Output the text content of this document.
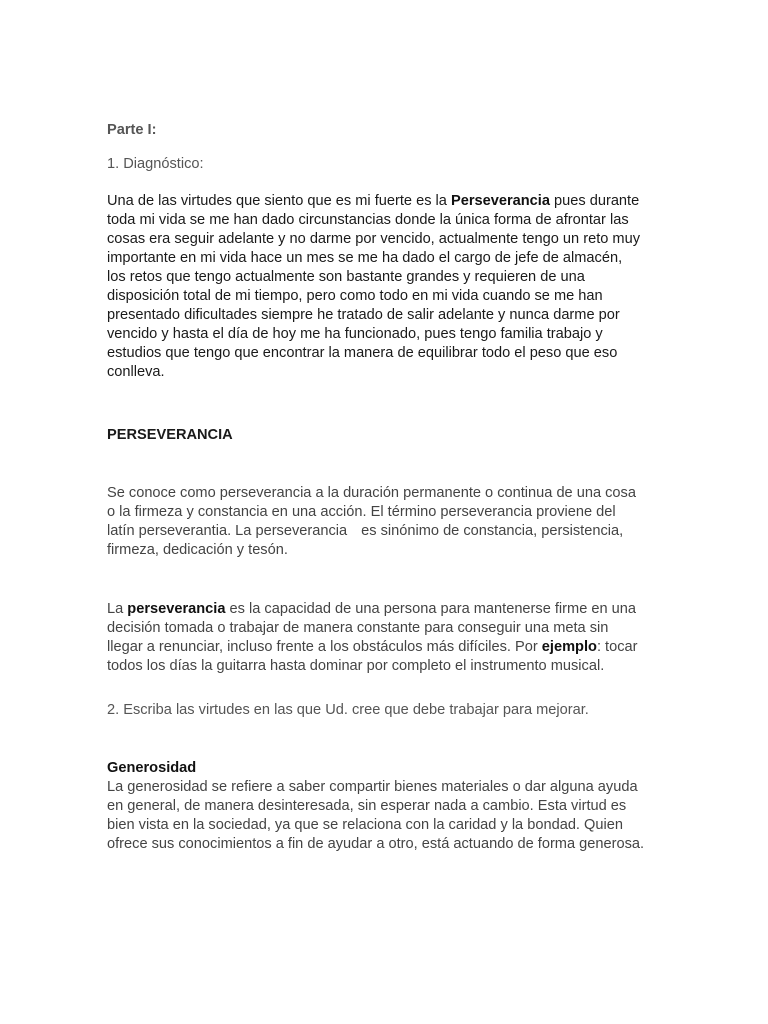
Parte I:

1. Diagnóstico:

Una de las virtudes que siento que es mi fuerte es la Perseverancia pues durante
toda mi vida se me han dado circunstancias donde la única forma de afrontar las
cosas era seguir adelante y no darme por vencido, actualmente tengo un reto muy
importante en mi vida hace un mes se me ha dado el cargo de jefe de almacén,
los retos que tengo actualmente son bastante grandes y requieren de una
disposición total de mi tiempo, pero como todo en mi vida cuando se me han
presentado dificultades siempre he tratado de salir adelante y nunca darme por
vencido y hasta el día de hoy me ha funcionado, pues tengo familia trabajo y
estudios que tengo que encontrar la manera de equilibrar todo el peso que eso
conlleva.

PERSEVERANCIA

Se conoce como perseverancia a la duración permanente o continua de una cosa
o la firmeza y constancia en una acción. El término perseverancia proviene del
latín perseverantia. La perseverancia es sinónimo de constancia, persistencia,
firmeza, dedicación y tesón.
La perseverancia es la capacidad de una persona para mantenerse firme en una
decisión tomada o trabajar de manera constante para conseguir una meta sin
llegar a renunciar, incluso frente a los obstáculos más difíciles. Por ejemplo: tocar
todos los días la guitarra hasta dominar por completo el instrumento musical.

2. Escriba las virtudes en las que Ud. cree que debe trabajar para mejorar.

Generosidad
La generosidad se refiere a saber compartir bienes materiales o dar alguna ayuda
en general, de manera desinteresada, sin esperar nada a cambio. Esta virtud es
bien vista en la sociedad, ya que se relaciona con la caridad y la bondad. Quien
ofrece sus conocimientos a fin de ayudar a otro, está actuando de forma generosa.
